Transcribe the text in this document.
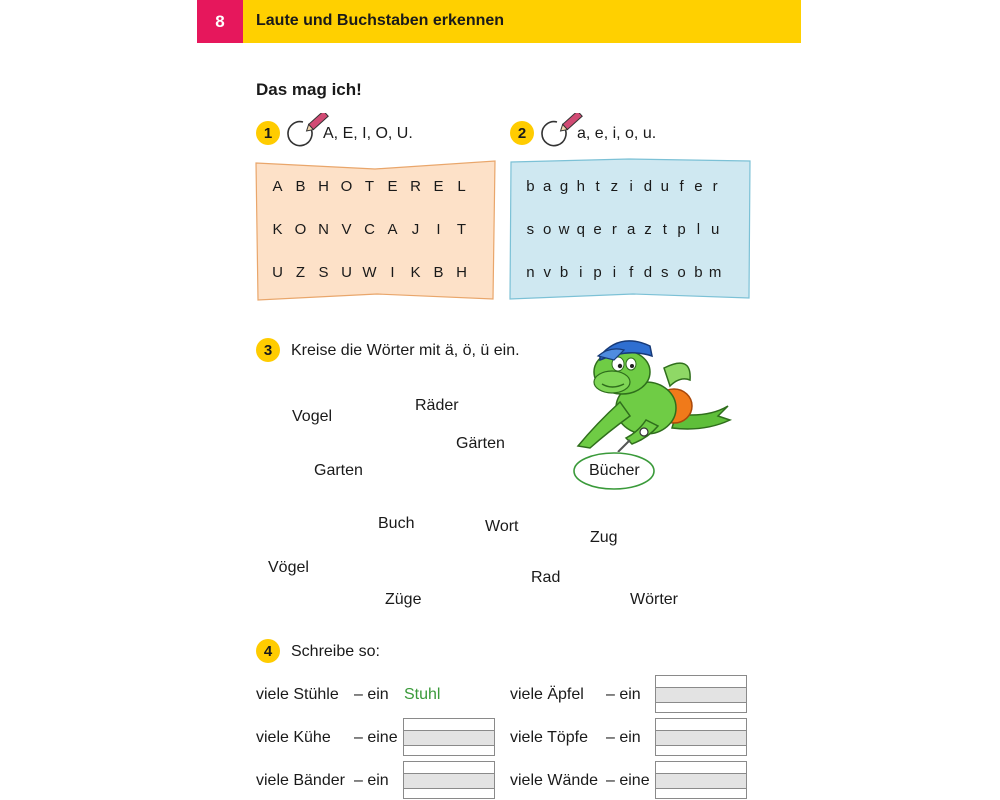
8	Laute und Buchstaben erkennen
Das mag ich!
1	A, E, I, O, U.
A B H O T E R E L
K O N V C A J	I	T
U Z S U W I	K B H
2	a, e, i, o, u.
b a g h t z i d u f e r
s o w q e r a z t p l u
n v b i p i f d s o b m
3	Kreise die Wörter mit ä, ö, ü ein.
Vogel
Räder
Gärten
Garten	Bücher
Buch	Wort
Zug
Vögel
Rad
Züge	Wörter
4	Schreibe so:
viele Stühle – ein Stuhl
viele Kühe – eine
viele Bänder – ein
viele Äpfel – ein
viele Töpfe – ein
viele Wände – eine
